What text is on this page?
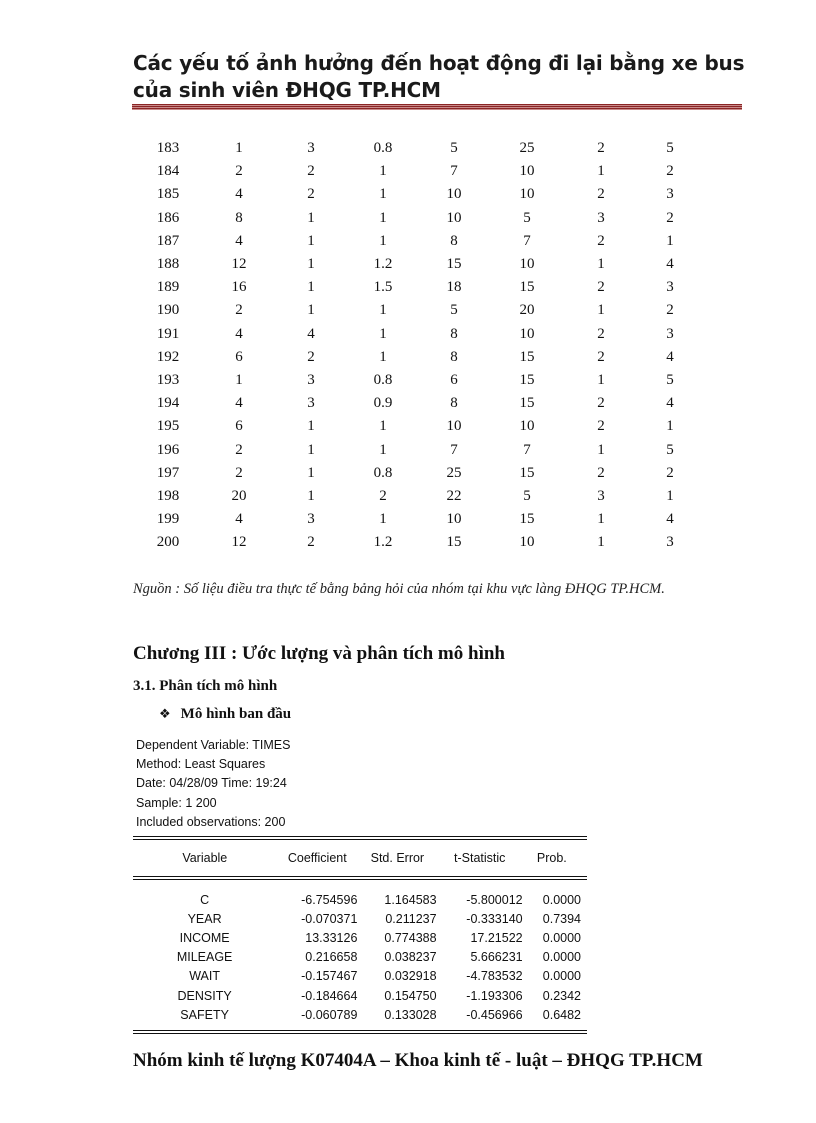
Các yếu tố ảnh hưởng đến hoạt động đi lại bằng xe bus của sinh viên ĐHQG TP.HCM
183	1	3	0.8	5	25	2	5
184	2	2	1	7	10	1	2
185	4	2	1	10	10	2	3
186	8	1	1	10	5	3	2
187	4	1	1	8	7	2	1
188	12	1	1.2	15	10	1	4
189	16	1	1.5	18	15	2	3
190	2	1	1	5	20	1	2
191	4	4	1	8	10	2	3
192	6	2	1	8	15	2	4
193	1	3	0.8	6	15	1	5
194	4	3	0.9	8	15	2	4
195	6	1	1	10	10	2	1
196	2	1	1	7	7	1	5
197	2	1	0.8	25	15	2	2
198	20	1	2	22	5	3	1
199	4	3	1	10	15	1	4
200	12	2	1.2	15	10	1	3
Nguồn : Số liệu điều tra thực tế bằng bảng hỏi của nhóm tại khu vực làng ĐHQG TP.HCM.
Chương III : Ước lượng và phân tích mô hình
3.1. Phân tích mô hình
❖ Mô hình ban đầu
Dependent Variable: TIMES
Method: Least Squares
Date: 04/28/09 Time: 19:24
Sample: 1 200
Included observations: 200
Variable	Coefficient	Std. Error	t-Statistic	Prob.

C	-6.754596	1.164583	-5.800012	0.0000
YEAR	-0.070371	0.211237	-0.333140	0.7394
INCOME	13.33126	0.774388	17.21522	0.0000
MILEAGE	0.216658	0.038237	5.666231	0.0000
WAIT	-0.157467	0.032918	-4.783532	0.0000
DENSITY	-0.184664	0.154750	-1.193306	0.2342
SAFETY	-0.060789	0.133028	-0.456966	0.6482

Nhóm kinh tế lượng K07404A – Khoa kinh tế - luật – ĐHQG TP.HCM
